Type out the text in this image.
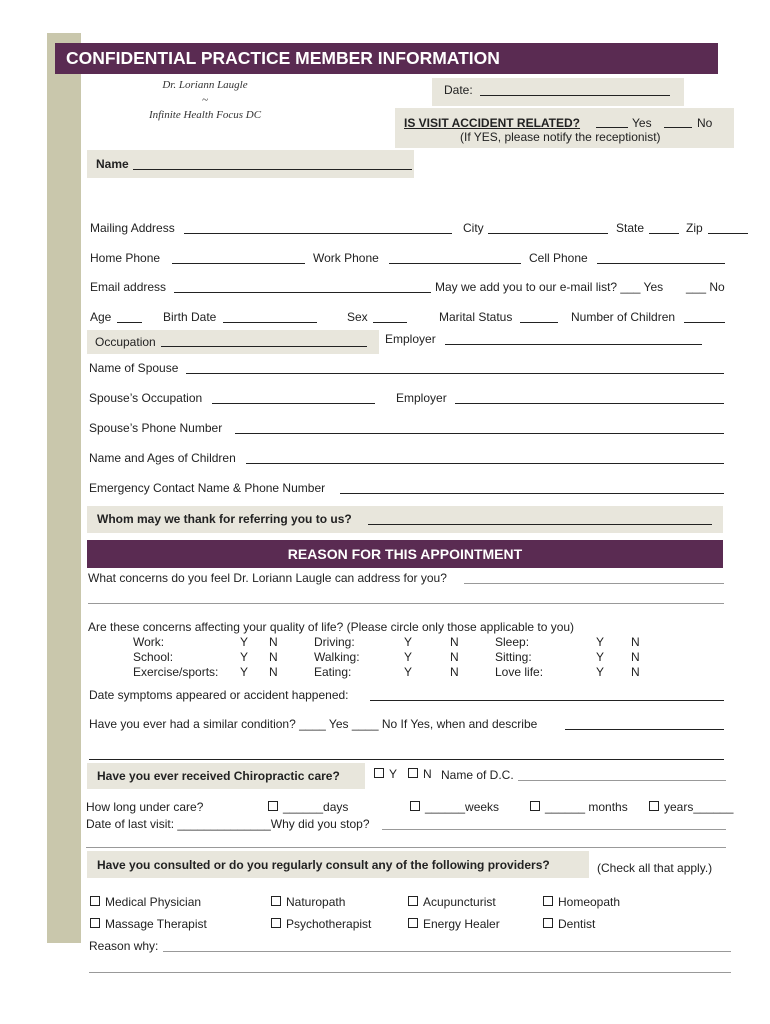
CONFIDENTIAL PRACTICE MEMBER INFORMATION
Dr. Loriann Laugle
~
Infinite Health Focus DC
Date:
IS VISIT ACCIDENT RELATED?	Yes	No
(If YES, please notify the receptionist)
Name
Mailing Address	City	State	Zip
Home Phone	Work Phone	Cell Phone
Email address	May we add you to our e-mail list? ___ Yes ___ No
Age	Birth Date	Sex	Marital Status	Number of Children
Occupation	Employer
Name of Spouse
Spouse’s Occupation	Employer
Spouse’s Phone Number
Name and Ages of Children
Emergency Contact Name & Phone Number
Whom may we thank for referring you to us?
REASON FOR THIS APPOINTMENT
What concerns do you feel Dr. Loriann Laugle can address for you?
Are these concerns affecting your quality of life? (Please circle only those applicable to you)
Work:	Y N	Driving:	Y	N	Sleep:	Y N
School:	Y N	Walking:	Y	N	Sitting:	Y N
Exercise/sports: Y N	Eating:	Y	N	Love life:	Y N
Date symptoms appeared or accident happened:
Have you ever had a similar condition? ____ Yes ____ No If Yes, when and describe
Have you ever received Chiropractic care?	Y	N Name of D.C.
How long under care?	______days	______weeks	______ months	years______
Date of last visit: ______________Why did you stop?
Have you consulted or do you regularly consult any of the following providers?	(Check all that apply.)
Medical Physician	Naturopath	Acupuncturist	Homeopath
Massage Therapist	Psychotherapist	Energy Healer	Dentist
Reason why:
